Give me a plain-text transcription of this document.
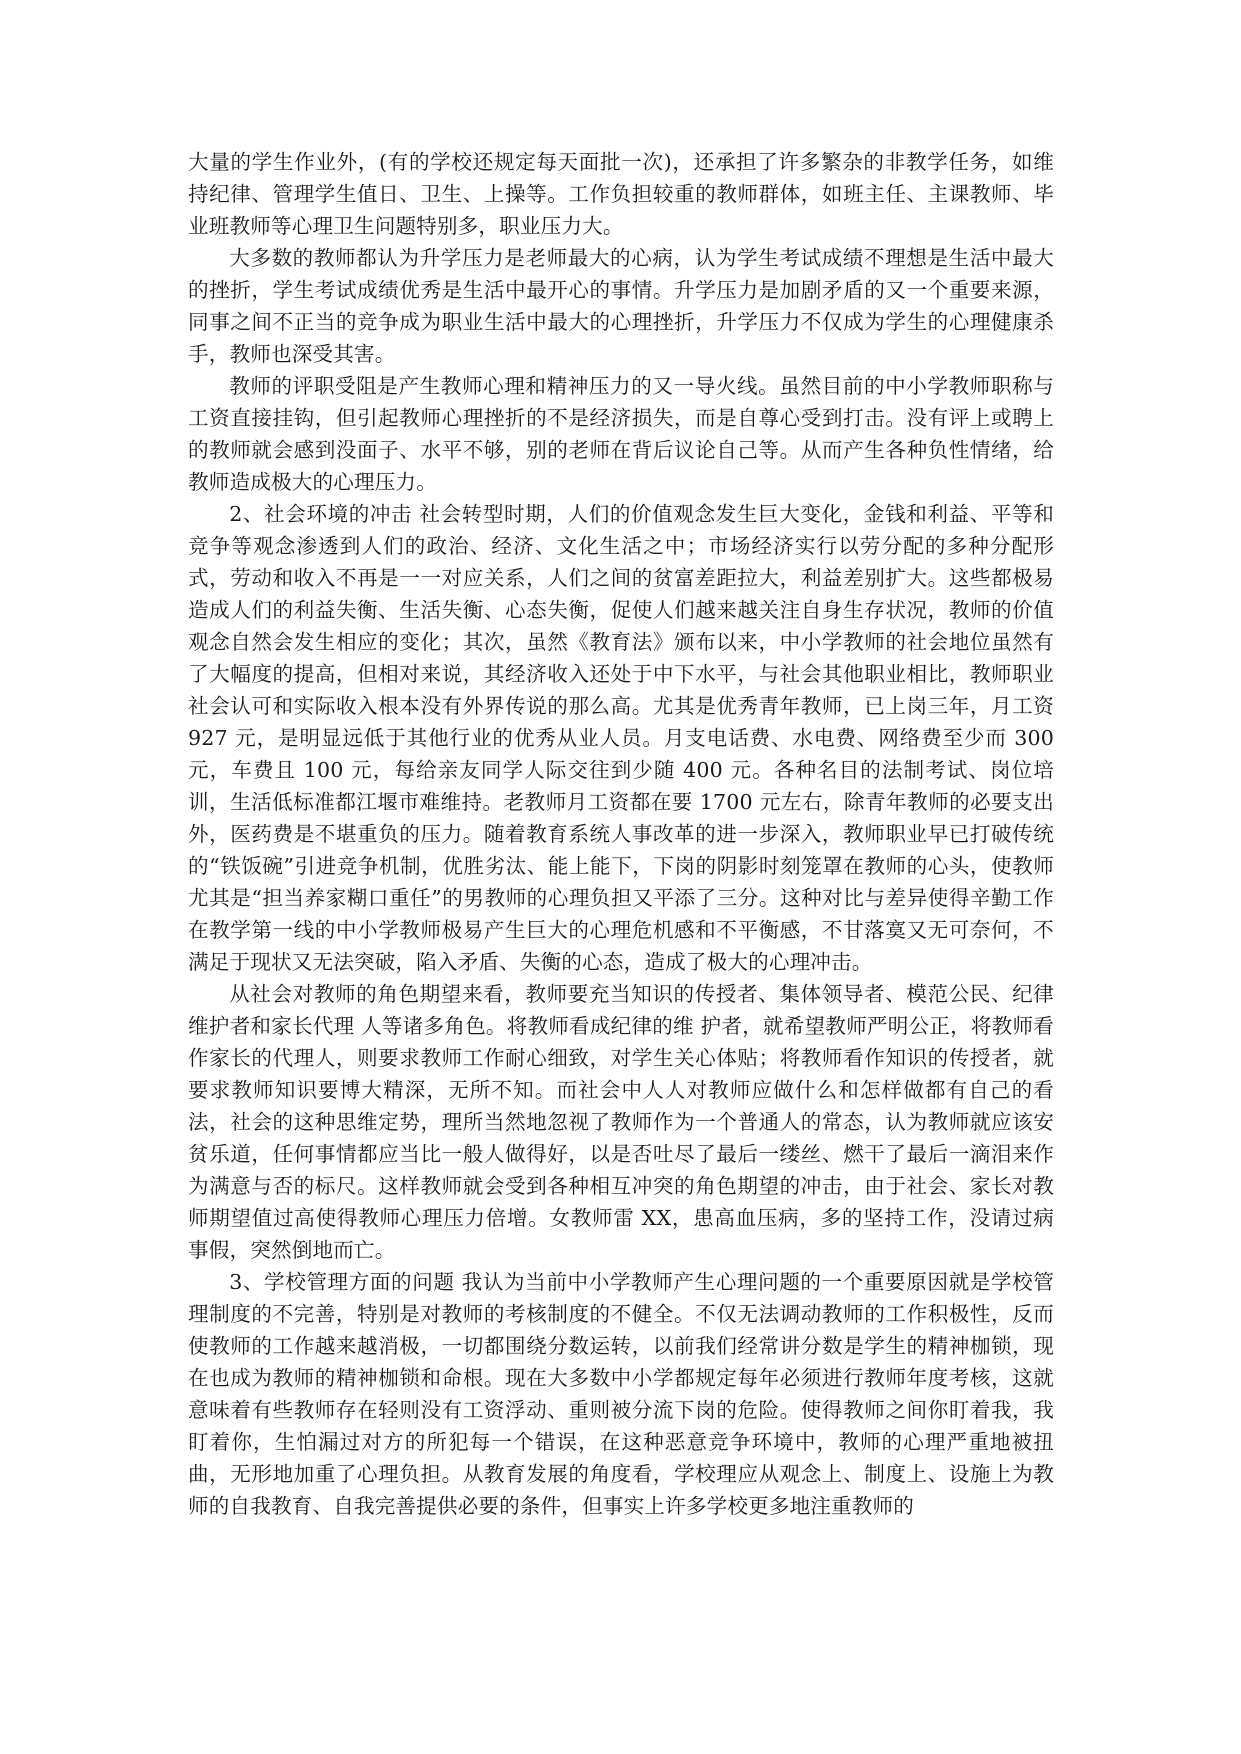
大量的学生作业外，(有的学校还规定每天面批一次)，还承担了许多繁杂的非教学任务，如维持纪律、管理学生值日、卫生、上操等。工作负担较重的教师群体，如班主任、主课教师、毕业班教师等心理卫生问题特别多，职业压力大。

大多数的教师都认为升学压力是老师最大的心病，认为学生考试成绩不理想是生活中最大的挫折，学生考试成绩优秀是生活中最开心的事情。升学压力是加剧矛盾的又一个重要来源，同事之间不正当的竞争成为职业生活中最大的心理挫折，升学压力不仅成为学生的心理健康杀手，教师也深受其害。

教师的评职受阻是产生教师心理和精神压力的又一导火线。虽然目前的中小学教师职称与工资直接挂钩，但引起教师心理挫折的不是经济损失，而是自尊心受到打击。没有评上或聘上的教师就会感到没面子、水平不够，别的老师在背后议论自己等。从而产生各种负性情绪，给教师造成极大的心理压力。

2、社会环境的冲击 社会转型时期，人们的价值观念发生巨大变化，金钱和利益、平等和竞争等观念渗透到人们的政治、经济、文化生活之中；市场经济实行以劳分配的多种分配形式，劳动和收入不再是一一对应关系，人们之间的贫富差距拉大，利益差别扩大。这些都极易造成人们的利益失衡、生活失衡、心态失衡，促使人们越来越关注自身生存状况，教师的价值观念自然会发生相应的变化；其次，虽然《教育法》颁布以来，中小学教师的社会地位虽然有了大幅度的提高，但相对来说，其经济收入还处于中下水平，与社会其他职业相比，教师职业社会认可和实际收入根本没有外界传说的那么高。尤其是优秀青年教师，已上岗三年，月工资 927 元，是明显远低于其他行业的优秀从业人员。月支电话费、水电费、网络费至少而 300 元，车费且 100 元，每给亲友同学人际交往到少随 400 元。各种名目的法制考试、岗位培训，生活低标准都江堰市难维持。老教师月工资都在要 1700 元左右，除青年教师的必要支出外，医药费是不堪重负的压力。随着教育系统人事改革的进一步深入，教师职业早已打破传统的“铁饭碗”引进竞争机制，优胜劣汰、能上能下，下岗的阴影时刻笼罩在教师的心头，使教师尤其是“担当养家糊口重任”的男教师的心理负担又平添了三分。这种对比与差异使得辛勤工作在教学第一线的中小学教师极易产生巨大的心理危机感和不平衡感，不甘落寞又无可奈何，不满足于现状又无法突破，陷入矛盾、失衡的心态，造成了极大的心理冲击。

从社会对教师的角色期望来看，教师要充当知识的传授者、集体领导者、模范公民、纪律维护者和家长代理 人等诸多角色。将教师看成纪律的维 护者，就希望教师严明公正，将教师看作家长的代理人，则要求教师工作耐心细致，对学生关心体贴；将教师看作知识的传授者，就要求教师知识要博大精深，无所不知。而社会中人人对教师应做什么和怎样做都有自己的看法，社会的这种思维定势，理所当然地忽视了教师作为一个普通人的常态，认为教师就应该安贫乐道，任何事情都应当比一般人做得好，以是否吐尽了最后一缕丝、燃干了最后一滴泪来作为满意与否的标尺。这样教师就会受到各种相互冲突的角色期望的冲击，由于社会、家长对教师期望值过高使得教师心理压力倍增。女教师雷 XX，患高血压病，多的坚持工作，没请过病事假，突然倒地而亡。

3、学校管理方面的问题 我认为当前中小学教师产生心理问题的一个重要原因就是学校管理制度的不完善，特别是对教师的考核制度的不健全。不仅无法调动教师的工作积极性，反而使教师的工作越来越消极，一切都围绕分数运转，以前我们经常讲分数是学生的精神枷锁，现在也成为教师的精神枷锁和命根。现在大多数中小学都规定每年必须进行教师年度考核，这就意味着有些教师存在轻则没有工资浮动、重则被分流下岗的危险。使得教师之间你盯着我，我盯着你，生怕漏过对方的所犯每一个错误，在这种恶意竞争环境中，教师的心理严重地被扭曲，无形地加重了心理负担。从教育发展的角度看，学校理应从观念上、制度上、设施上为教师的自我教育、自我完善提供必要的条件，但事实上许多学校更多地注重教师的
